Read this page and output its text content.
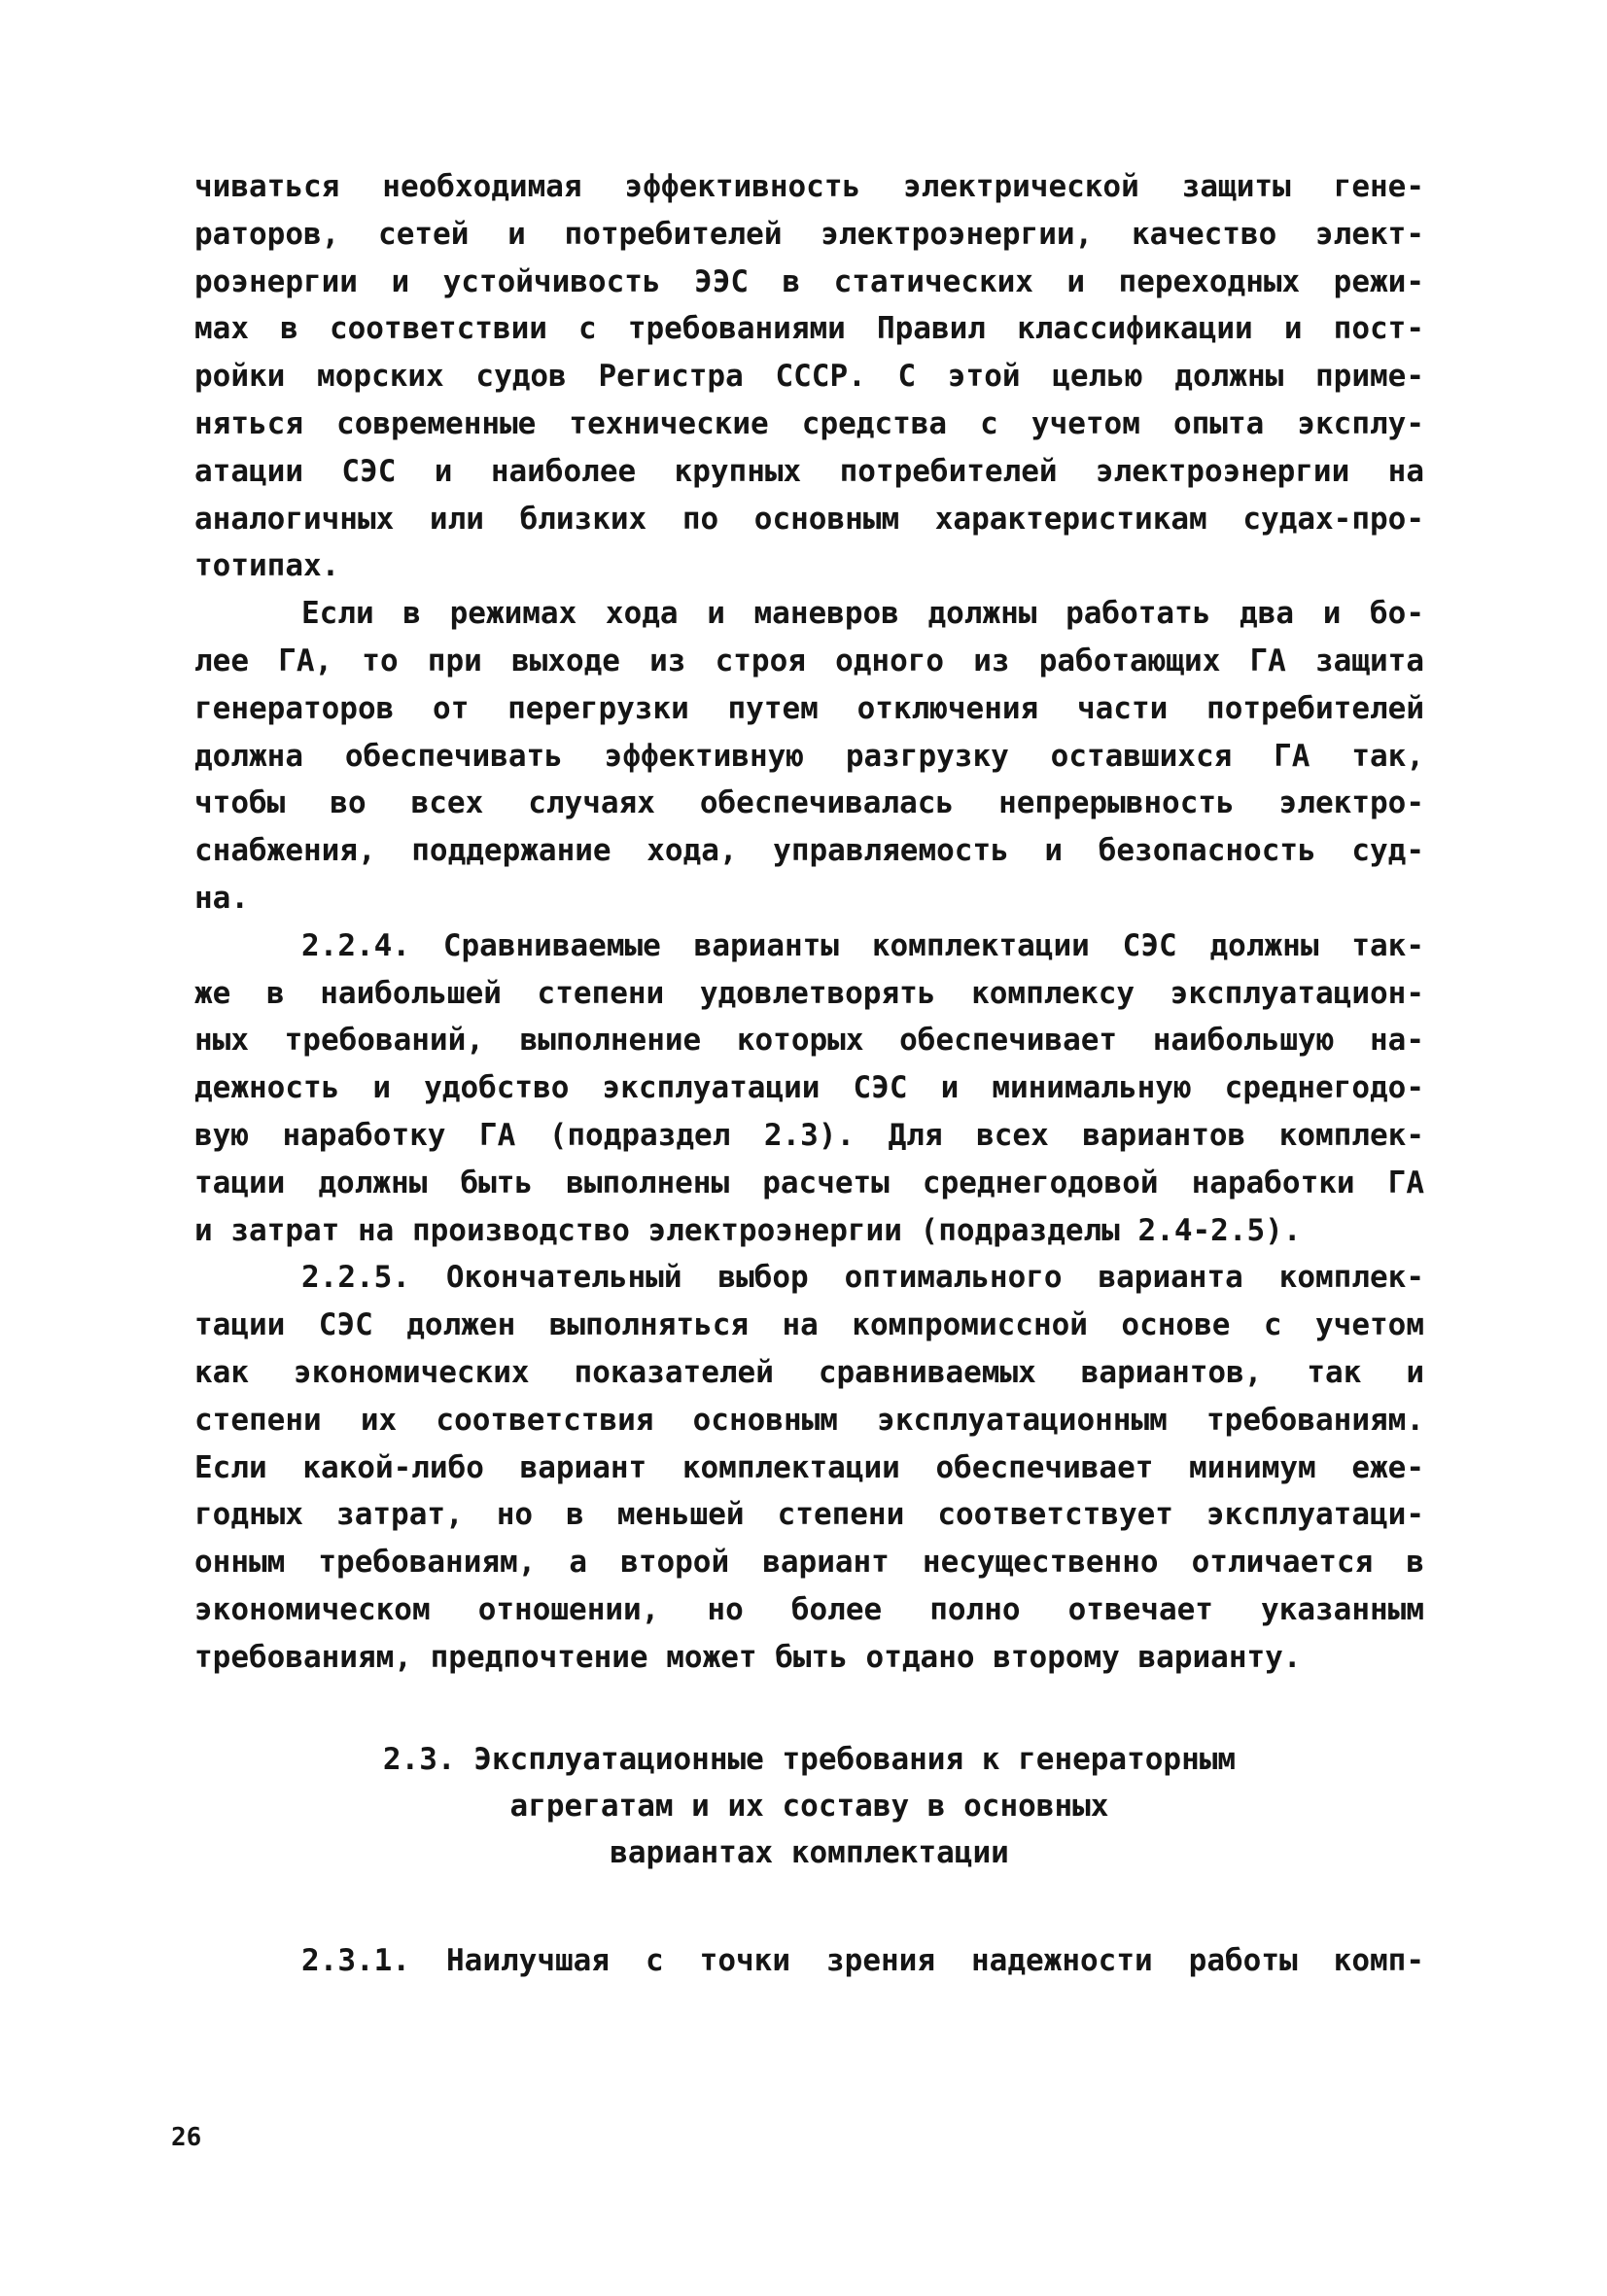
чиваться необходимая эффективность электрической защиты гене-
раторов, сетей и потребителей электроэнергии, качество элект-
роэнергии и устойчивость ЭЭС в статических и переходных режи-
мах в соответствии с требованиями Правил классификации и пост-
ройки морских судов Регистра СССР. С этой целью должны приме-
няться современные технические средства с учетом опыта эксплу-
атации СЭС и наиболее крупных потребителей электроэнергии на
аналогичных или близких по основным характеристикам судах-про-
тотипах.
Если в режимах хода и маневров должны работать два и бо-
лее ГА, то при выходе из строя одного из работающих ГА защита
генераторов от перегрузки путем отключения части потребителей
должна обеспечивать эффективную разгрузку оставшихся ГА так,
чтобы во всех случаях обеспечивалась непрерывность электро-
снабжения, поддержание хода, управляемость и безопасность суд-
на.
2.2.4. Сравниваемые варианты комплектации СЭС должны так-
же в наибольшей степени удовлетворять комплексу эксплуатацион-
ных требований, выполнение которых обеспечивает наибольшую на-
дежность и удобство эксплуатации СЭС и минимальную среднегодо-
вую наработку ГА (подраздел 2.3). Для всех вариантов комплек-
тации должны быть выполнены расчеты среднегодовой наработки ГА
и затрат на производство электроэнергии (подразделы 2.4-2.5).
2.2.5. Окончательный выбор оптимального варианта комплек-
тации СЭС должен выполняться на компромиссной основе с учетом
как экономических показателей сравниваемых вариантов, так и
степени их соответствия основным эксплуатационным требованиям.
Если какой-либо вариант комплектации обеспечивает минимум еже-
годных затрат, но в меньшей степени соответствует эксплуатаци-
онным требованиям, а второй вариант несущественно отличается в
экономическом отношении, но более полно отвечает указанным
требованиям, предпочтение может быть отдано второму варианту.
2.3. Эксплуатационные требования к генераторным
агрегатам и их составу в основных
вариантах комплектации
2.3.1. Наилучшая с точки зрения надежности работы комп-
26
